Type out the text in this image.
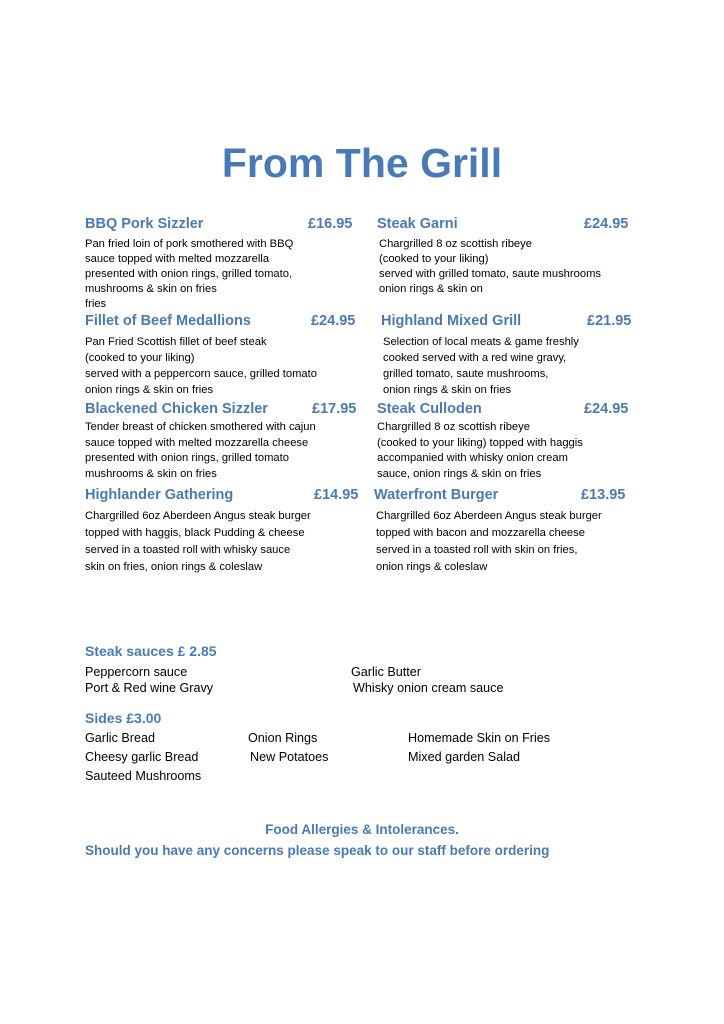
From The Grill
BBQ Pork Sizzler	£16.95
Pan fried loin of pork smothered with BBQ
sauce topped with melted mozzarella
presented with onion rings, grilled tomato,
mushrooms & skin on fries
fries
Steak Garni	£24.95
Chargrilled 8 oz scottish ribeye
(cooked to your liking)
served with grilled tomato, saute mushrooms
onion rings & skin on
Fillet of Beef Medallions	£24.95
Pan Fried Scottish fillet of beef steak
(cooked to your liking)
served with a peppercorn sauce, grilled tomato
onion rings & skin on fries
Highland Mixed Grill	£21.95
Selection of local meats & game freshly
cooked served with a red wine gravy,
grilled tomato, saute mushrooms,
onion rings & skin on fries
Blackened Chicken Sizzler	£17.95
Tender breast of chicken smothered with cajun
sauce topped with melted mozzarella cheese
presented with onion rings, grilled tomato
mushrooms & skin on fries
Steak Culloden	£24.95
Chargrilled 8 oz scottish ribeye
(cooked to your liking) topped with haggis
accompanied with whisky onion cream
sauce, onion rings & skin on fries
Highlander Gathering	£14.95
Chargrilled 6oz Aberdeen Angus steak burger
topped with haggis, black Pudding & cheese
served in a toasted roll with whisky sauce
skin on fries, onion rings & coleslaw
Waterfront Burger	£13.95
Chargrilled 6oz Aberdeen Angus steak burger
topped with bacon and mozzarella cheese
served in a toasted roll with skin on fries,
onion rings & coleslaw
Steak sauces £ 2.85
Peppercorn sauce	Garlic Butter
Port & Red wine Gravy	Whisky onion cream sauce
Sides £3.00
Garlic Bread	Onion Rings	Homemade Skin on Fries
Cheesy garlic Bread	New Potatoes	Mixed garden Salad
Sauteed Mushrooms
Food Allergies & Intolerances.
Should you have any concerns please speak to our staff before ordering
